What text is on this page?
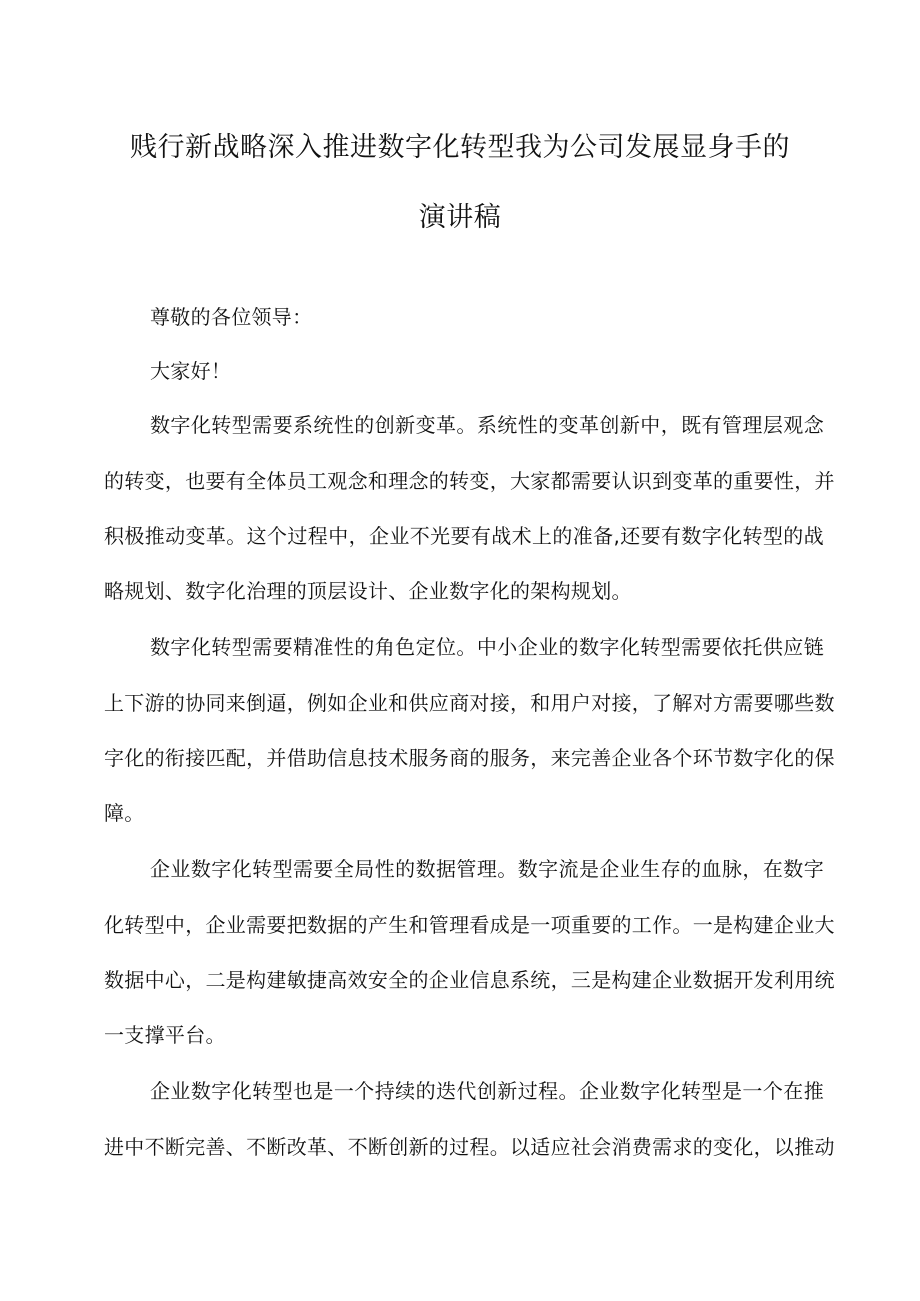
贱行新战略深入推进数字化转型我为公司发展显身手的
演讲稿
尊敬的各位领导：
大家好！
数字化转型需要系统性的创新变革。系统性的变革创新中，既有管理层观念
的转变，也要有全体员工观念和理念的转变，大家都需要认识到变革的重要性，并
积极推动变革。这个过程中，企业不光要有战术上的准备,还要有数字化转型的战
略规划、数字化治理的顶层设计、企业数字化的架构规划。
数字化转型需要精准性的角色定位。中小企业的数字化转型需要依托供应链
上下游的协同来倒逼，例如企业和供应商对接，和用户对接，了解对方需要哪些数
字化的衔接匹配，并借助信息技术服务商的服务，来完善企业各个环节数字化的保
障。
企业数字化转型需要全局性的数据管理。数字流是企业生存的血脉，在数字
化转型中，企业需要把数据的产生和管理看成是一项重要的工作。一是构建企业大
数据中心，二是构建敏捷高效安全的企业信息系统，三是构建企业数据开发利用统
一支撑平台。
企业数字化转型也是一个持续的迭代创新过程。企业数字化转型是一个在推
进中不断完善、不断改革、不断创新的过程。以适应社会消费需求的变化，以推动
